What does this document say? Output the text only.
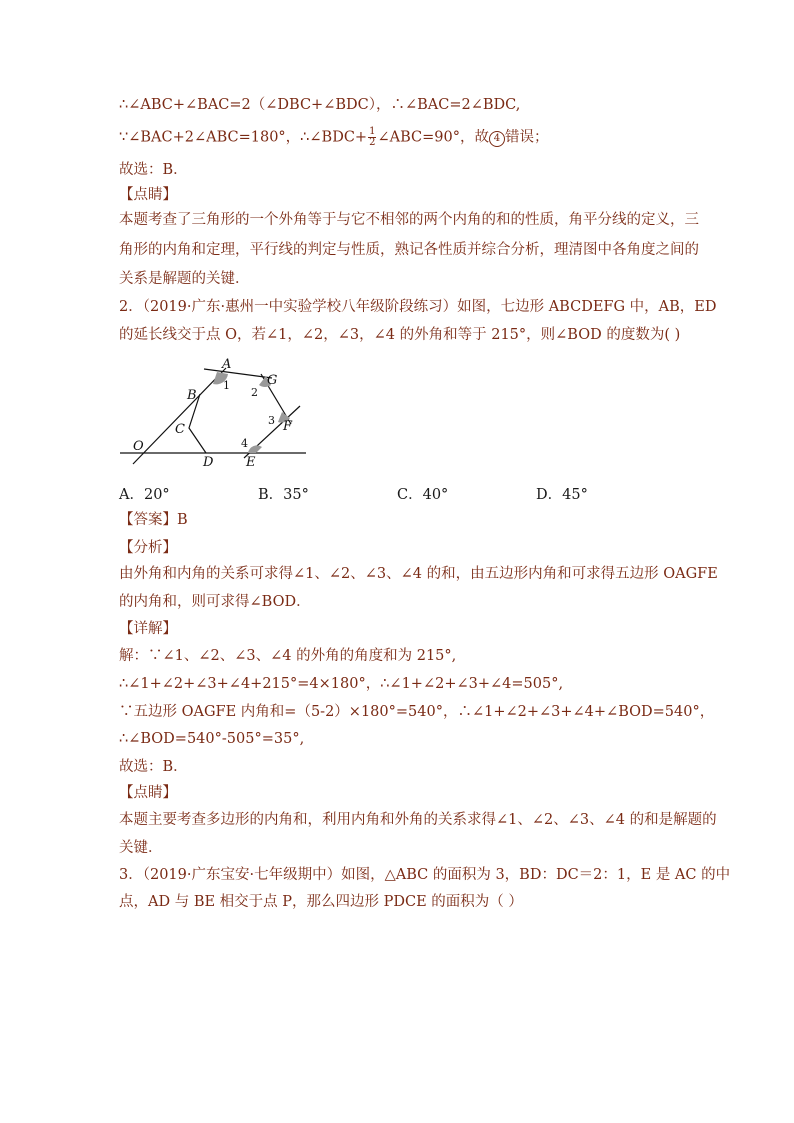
∴∠ABC+∠BAC=2（∠DBC+∠BDC），∴∠BAC=2∠BDC,
∵∠BAC+2∠ABC=180°，∴∠BDC+ $\frac{1}{2}$ ∠ABC=90°，故 4 错误；
故选：B．
【点睛】
本题考查了三角形的一个外角等于与它不相邻的两个内角的和的性质，角平分线的定义，三
角形的内角和定理，平行线的判定与性质，熟记各性质并综合分析，理清图中各角度之间的
关系是解题的关键．
2．（2019·广东·惠州一中实验学校八年级阶段练习）如图，七边形 ABCDEFG 中，AB，ED
的延长线交于点 O，若∠1，∠2，∠3，∠4 的外角和等于 215°，则∠BOD 的度数为( )
A
B
C
D	E
F
G
O
1
2
3
4
A．20°	B．35°	C．40°	D．45°
【答案】B
【分析】
由外角和内角的关系可求得∠1、∠2、∠3、∠4 的和，由五边形内角和可求得五边形 OAGFE
的内角和，则可求得∠BOD．
【详解】
解：∵∠1、∠2、∠3、∠4 的外角的角度和为 215°,
∴∠1+∠2+∠3+∠4+215°=4×180°，∴∠1+∠2+∠3+∠4=505°,
∵五边形 OAGFE 内角和=（5-2）×180°=540°，∴∠1+∠2+∠3+∠4+∠BOD=540°，
∴∠BOD=540°-505°=35°,
故选：B．
【点睛】
本题主要考查多边形的内角和，利用内角和外角的关系求得∠1、∠2、∠3、∠4 的和是解题的
关键．
3．（2019·广东宝安·七年级期中）如图，△ABC 的面积为 3，BD：DC＝2：1，E 是 AC 的中
点，AD 与 BE 相交于点 P，那么四边形 PDCE 的面积为（ ）
